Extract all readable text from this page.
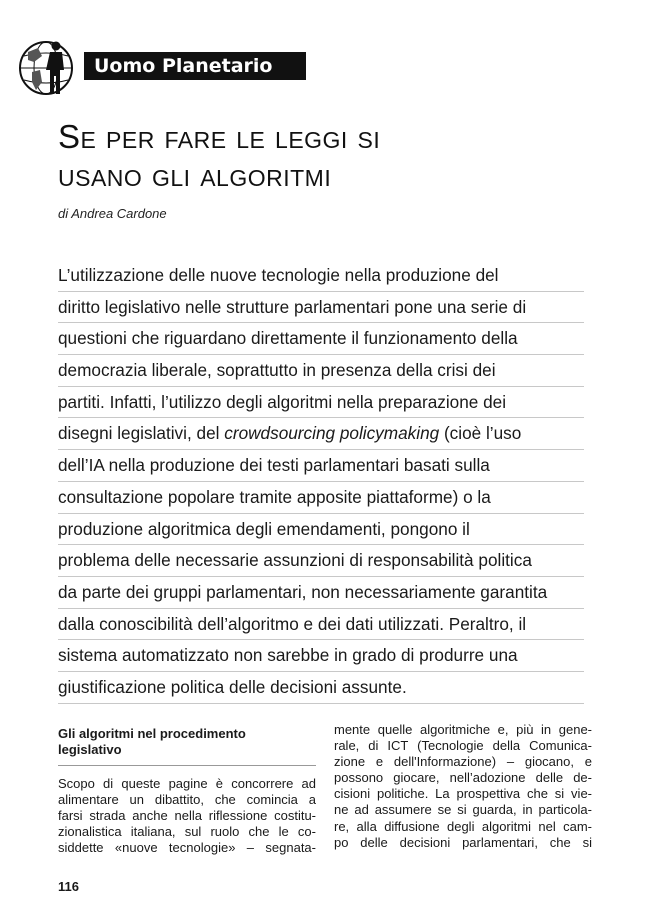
Uomo Planetario
Se per fare le leggi si
usano gli algoritmi
di Andrea Cardone
L’utilizzazione delle nuove tecnologie nella produzione del
diritto legislativo nelle strutture parlamentari pone una serie di
questioni che riguardano direttamente il funzionamento della
democrazia liberale, soprattutto in presenza della crisi dei
partiti. Infatti, l’utilizzo degli algoritmi nella preparazione dei
disegni legislativi, del crowdsourcing policymaking (cioè l’uso
dell’IA nella produzione dei testi parlamentari basati sulla
consultazione popolare tramite apposite piattaforme) o la
produzione algoritmica degli emendamenti, pongono il
problema delle necessarie assunzioni di responsabilità politica
da parte dei gruppi parlamentari, non necessariamente garantita
dalla conoscibilità dell’algoritmo e dei dati utilizzati. Peraltro, il
sistema automatizzato non sarebbe in grado di produrre una
giustificazione politica delle decisioni assunte.
Gli algoritmi nel procedimento
legislativo
Scopo di queste pagine è concorrere ad
alimentare un dibattito, che comincia a
farsi strada anche nella riflessione costitu-
zionalistica italiana, sul ruolo che le co-
siddette «nuove tecnologie» – segnata-
mente quelle algoritmiche e, più in gene-
rale, di ICT (Tecnologie della Comunica-
zione e dell'Informazione) – giocano, e
possono giocare, nell’adozione delle de-
cisioni politiche. La prospettiva che si vie-
ne ad assumere se si guarda, in particola-
re, alla diffusione degli algoritmi nel cam-
po delle decisioni parlamentari, che si
116
